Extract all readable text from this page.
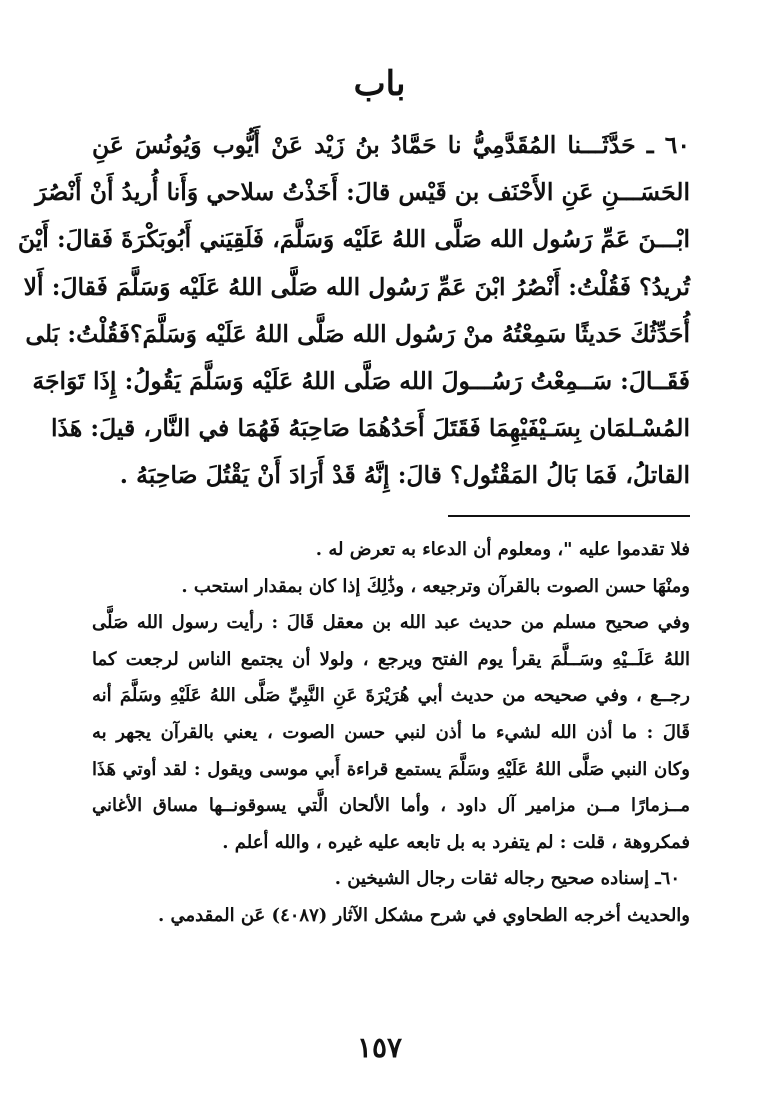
باب
٦٠ ـ حَدَّثَـــنا المُقَدَّمِيُّ نا حَمَّادُ بنُ زَيْد عَنْ أَيُّوب وَيُونُسَ عَنِ
الحَسَـــنِ عَنِ الأَحْنَف بن قَيْس قالَ: أَخَذْتُ سلاحي وَأَنا أُريدُ أَنْ أَنْصُرَ
ابْـــنَ عَمِّ رَسُول الله صَلَّى اللهُ عَلَيْه وَسَلَّمَ، فَلَقِيَني أَبُوبَكْرَةَ فَقالَ: أَيْنَ
تُريدُ؟ فَقُلْتُ: أَنْصُرُ ابْنَ عَمِّ رَسُول الله صَلَّى اللهُ عَلَيْه وَسَلَّمَ فَقالَ: أَلا
أُحَدِّثُكَ حَديثًا سَمِعْتُهُ منْ رَسُول الله صَلَّى اللهُ عَلَيْه وَسَلَّمَ؟فَقُلْتُ: بَلى
فَقَــالَ: سَــمِعْتُ رَسُـــولَ الله صَلَّى اللهُ عَلَيْه وَسَلَّمَ يَقُولُ: إِذَا تَوَاجَهَ
المُسْـلمَان بِسَـيْفَيْهِمَا فَقَتَلَ أَحَدُهُمَا صَاحِبَهُ فَهُمَا في النَّار، قيلَ: هَذَا
القاتلُ، فَمَا بَالُ المَقْتُول؟ قالَ: إِنَّهُ قَدْ أَرَادَ أَنْ يَقْتُلَ صَاحِبَهُ .
فلا تقدموا عليه "، ومعلوم أن الدعاء به تعرض له .
ومنْهَا حسن الصوت بالقرآن وترجيعه ، وذَٰلِكَ إذا كان بمقدار استحب .
وفي صحيح مسلم من حديث عبد الله بن معقل قَالَ : رأيت رسول الله صَلَّى
اللهُ عَلَــيْهِ وسَــلَّمَ يقرأ يوم الفتح ويرجع ، ولولا أن يجتمع الناس لرجعت كما
رجــع ، وفي صحيحه من حديث أبي هُرَيْرَةَ عَنِ النَّبِيِّ صَلَّى اللهُ عَلَيْهِ وسَلَّمَ أنه
قَالَ : ما أذن الله لشيء ما أذن لنبي حسن الصوت ، يعني بالقرآن يجهر به
وكان النبي صَلَّى اللهُ عَلَيْهِ وسَلَّمَ يستمع قراءة أَبي موسى ويقول : لقد أوتي هَذَا
مــزمارًا مــن مزامير آل داود ، وأما الألحان الَّتي يسوقونــها مساق الأغاني
فمكروهة ، قلت : لم يتفرد به بل تابعه عليه غيره ، والله أعلم .
٦٠ـ إسناده صحيح رجاله ثقات رجال الشيخين .
والحديث أخرجه الطحاوي في شرح مشكل الآثار (٤٠٨٧) عَن المقدمي .
١٥٧
